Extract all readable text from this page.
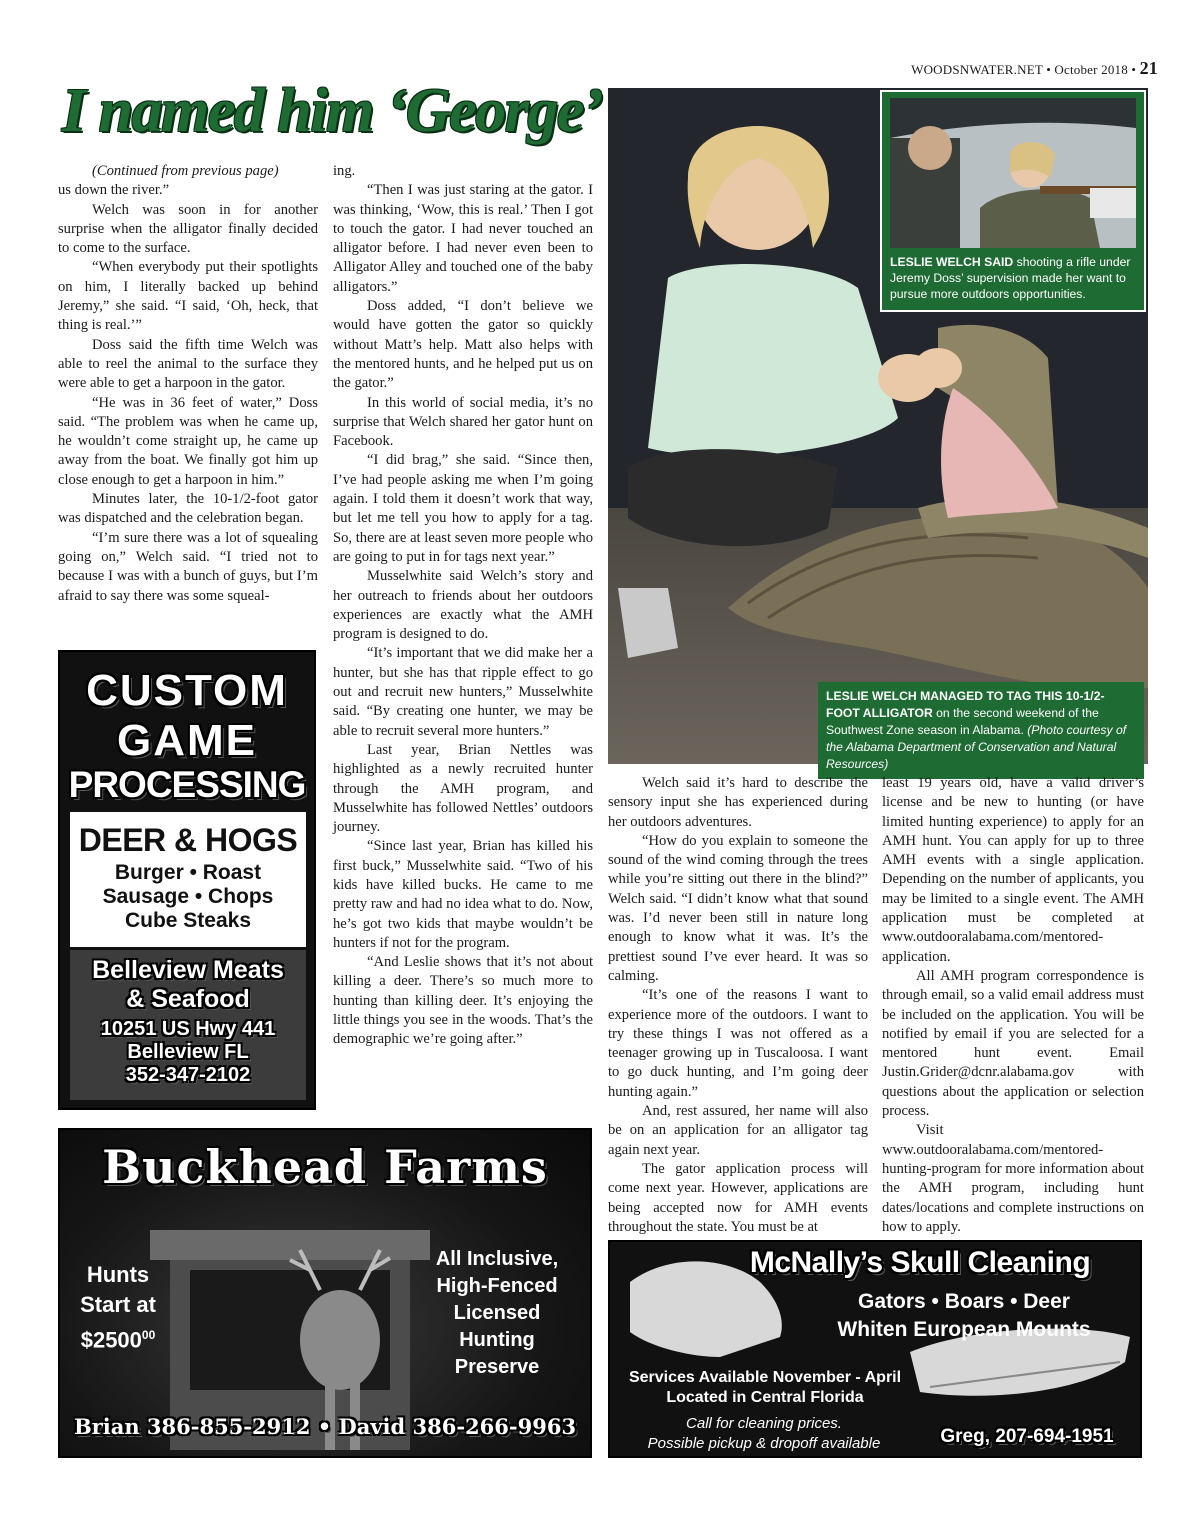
WOODSNWATER.NET • October 2018 • 21
I named him ‘George’

(Continued from previous page)

us down the river.”

Welch was soon in for another surprise when the alligator finally decided to come to the surface.

“When everybody put their spotlights on him, I literally backed up behind Jeremy,” she said. “I said, ‘Oh, heck, that thing is real.’”

Doss said the fifth time Welch was able to reel the animal to the surface they were able to get a harpoon in the gator.

“He was in 36 feet of water,” Doss said. “The problem was when he came up, he wouldn’t come straight up, he came up away from the boat. We finally got him up close enough to get a harpoon in him.”

Minutes later, the 10-1/2-foot gator was dispatched and the celebration began.

“I’m sure there was a lot of squealing going on,” Welch said. “I tried not to because I was with a bunch of guys, but I’m afraid to say there was some squeal-

ing.

“Then I was just staring at the gator. I was thinking, ‘Wow, this is real.’ Then I got to touch the gator. I had never touched an alligator before. I had never even been to Alligator Alley and touched one of the baby alligators.”

Doss added, “I don’t believe we would have gotten the gator so quickly without Matt’s help. Matt also helps with the mentored hunts, and he helped put us on the gator.”

In this world of social media, it’s no surprise that Welch shared her gator hunt on Facebook.

“I did brag,” she said. “Since then, I’ve had people asking me when I’m going again. I told them it doesn’t work that way, but let me tell you how to apply for a tag. So, there are at least seven more people who are going to put in for tags next year.”

Musselwhite said Welch’s story and her outreach to friends about her outdoors experiences are exactly what the AMH program is designed to do.

“It’s important that we did make her a hunter, but she has that ripple effect to go out and recruit new hunters,” Musselwhite said. “By creating one hunter, we may be able to recruit several more hunters.”

Last year, Brian Nettles was highlighted as a newly recruited hunter through the AMH program, and Musselwhite has followed Nettles’ outdoors journey.

“Since last year, Brian has killed his first buck,” Musselwhite said. “Two of his kids have killed bucks. He came to me pretty raw and had no idea what to do. Now, he’s got two kids that maybe wouldn’t be hunters if not for the program.

“And Leslie shows that it’s not about killing a deer. There’s so much more to hunting than killing deer. It’s enjoying the little things you see in the woods. That’s the demographic we’re going after.”

LESLIE WELCH SAID shooting a rifle under Jeremy Doss’ supervision made her want to pursue more outdoors opportunities.
LESLIE WELCH MANAGED TO TAG THIS 10-1/2-FOOT ALLIGATOR on the second weekend of the Southwest Zone season in Alabama. (Photo courtesy of the Alabama Department of Conservation and Natural Resources)

Welch said it’s hard to describe the sensory input she has experienced during her outdoors adventures.

“How do you explain to someone the sound of the wind coming through the trees while you’re sitting out there in the blind?” Welch said. “I didn’t know what that sound was. I’d never been still in nature long enough to know what it was. It’s the prettiest sound I’ve ever heard. It was so calming.

“It’s one of the reasons I want to experience more of the outdoors. I want to try these things I was not offered as a teenager growing up in Tuscaloosa. I want to go duck hunting, and I’m going deer hunting again.”

And, rest assured, her name will also be on an application for an alligator tag again next year.

The gator application process will come next year. However, applications are being accepted now for AMH events throughout the state. You must be at

least 19 years old, have a valid driver’s license and be new to hunting (or have limited hunting experience) to apply for an AMH hunt. You can apply for up to three AMH events with a single application. Depending on the number of applicants, you may be limited to a single event. The AMH application must be completed at www.outdooralabama.com/mentored-application.

All AMH program correspondence is through email, so a valid email address must be included on the application. You will be notified by email if you are selected for a mentored hunt event. Email Justin.Grider@dcnr.alabama.gov with questions about the application or selection process.

Visit www.outdooralabama.com/mentored-hunting-program for more information about the AMH program, including hunt dates/locations and complete instructions on how to apply.

CUSTOM
GAME
PROCESSING
DEER & HOGS
Burger • Roast
Sausage • Chops
Cube Steaks
Belleview Meats
& Seafood
10251 US Hwy 441
Belleview FL
352-347-2102
Buckhead Farms
Hunts
Start at
$2500$^{00}$
All Inclusive,
High-Fenced
Licensed
Hunting
Preserve
Brian 386-855-2912 • David 386-266-9963
McNally’s Skull Cleaning
Gators • Boars • Deer
Whiten European Mounts
Services Available November - April
Located in Central Florida
Call for cleaning prices.
Possible pickup & dropoff available	Greg, 207-694-1951
